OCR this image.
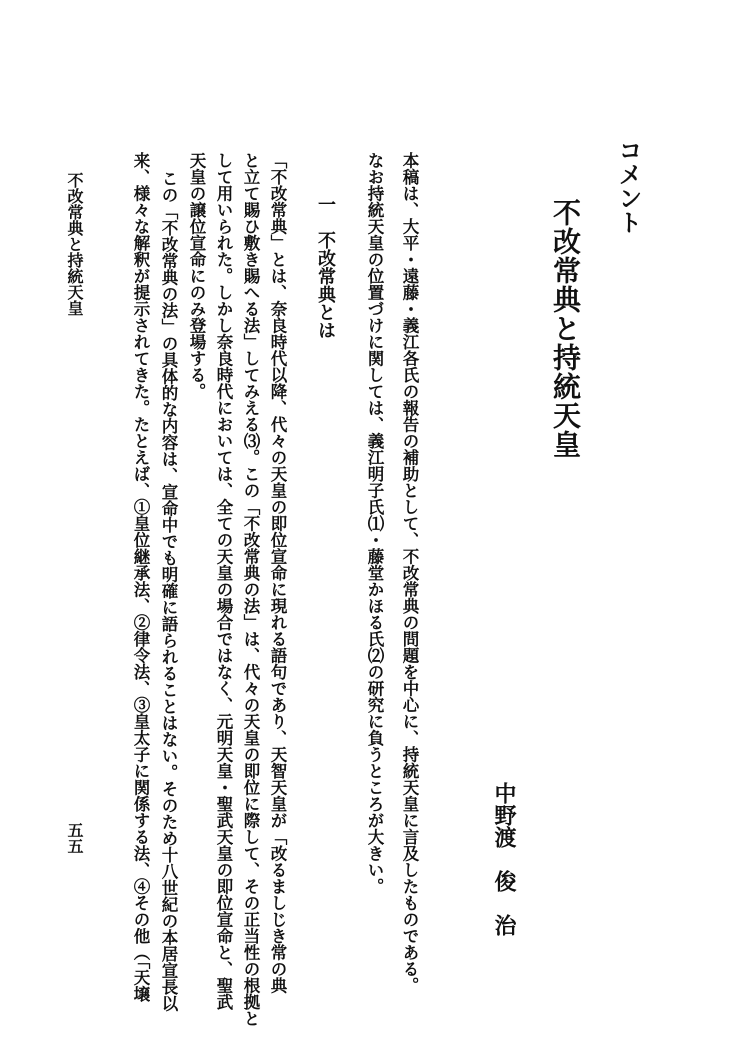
コメント
不改常典と持統天皇
中野渡
俊　治
本稿は、大平・遠藤・義江各氏の報告の補助として、不改常典の問題を中心に、持統天皇に言及したものである。
なお持統天皇の位置づけに関しては、義江明子氏⑴・藤堂かほる氏⑵の研究に負うところが大きい。
一　不改常典とは
「不改常典」とは、奈良時代以降、代々の天皇の即位宣命に現れる語句であり、天智天皇が「改るましじき常の典
と立て賜ひ敷き賜へる法」してみえる⑶。この「不改常典の法」は、代々の天皇の即位に際して、その正当性の根拠と
して用いられた。しかし奈良時代においては、全ての天皇の場合ではなく、元明天皇・聖武天皇の即位宣命と、聖武
天皇の譲位宣命にのみ登場する。
この「不改常典の法」の具体的な内容は、宣命中でも明確に語られることはない。そのため十八世紀の本居宣長以
来、様々な解釈が提示されてきた。たとえば、①皇位継承法、②律令法、③皇太子に関係する法、④その他（「天壌
不改常典と持統天皇
五五
